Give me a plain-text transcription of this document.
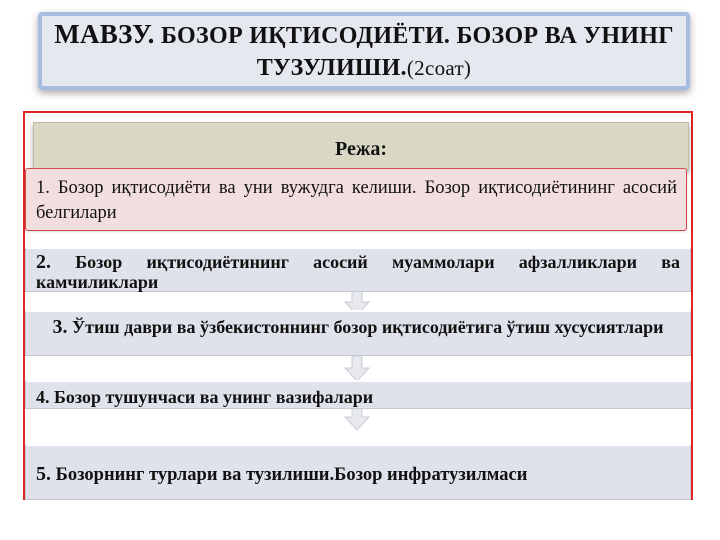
МАВЗУ. БОЗОР ИҚТИСОДИЁТИ. БОЗОР ВА УНИНГ
ТУЗУЛИШИ.(2соат)
Режа:
2. Бозор иқтисодиётининг асосий муаммолари афзалликлари ва камчиликлари
3. Ўтиш даври ва ўзбекистоннинг бозор иқтисодиётига ўтиш хусусиятлари
4. Бозор тушунчаси ва унинг вазифалари
5. Бозорнинг турлари ва тузилиши.Бозор инфратузилмаси
1. Бозор иқтисодиёти ва уни вужудга келиши. Бозор иқтисодиётининг асосий белгилари
